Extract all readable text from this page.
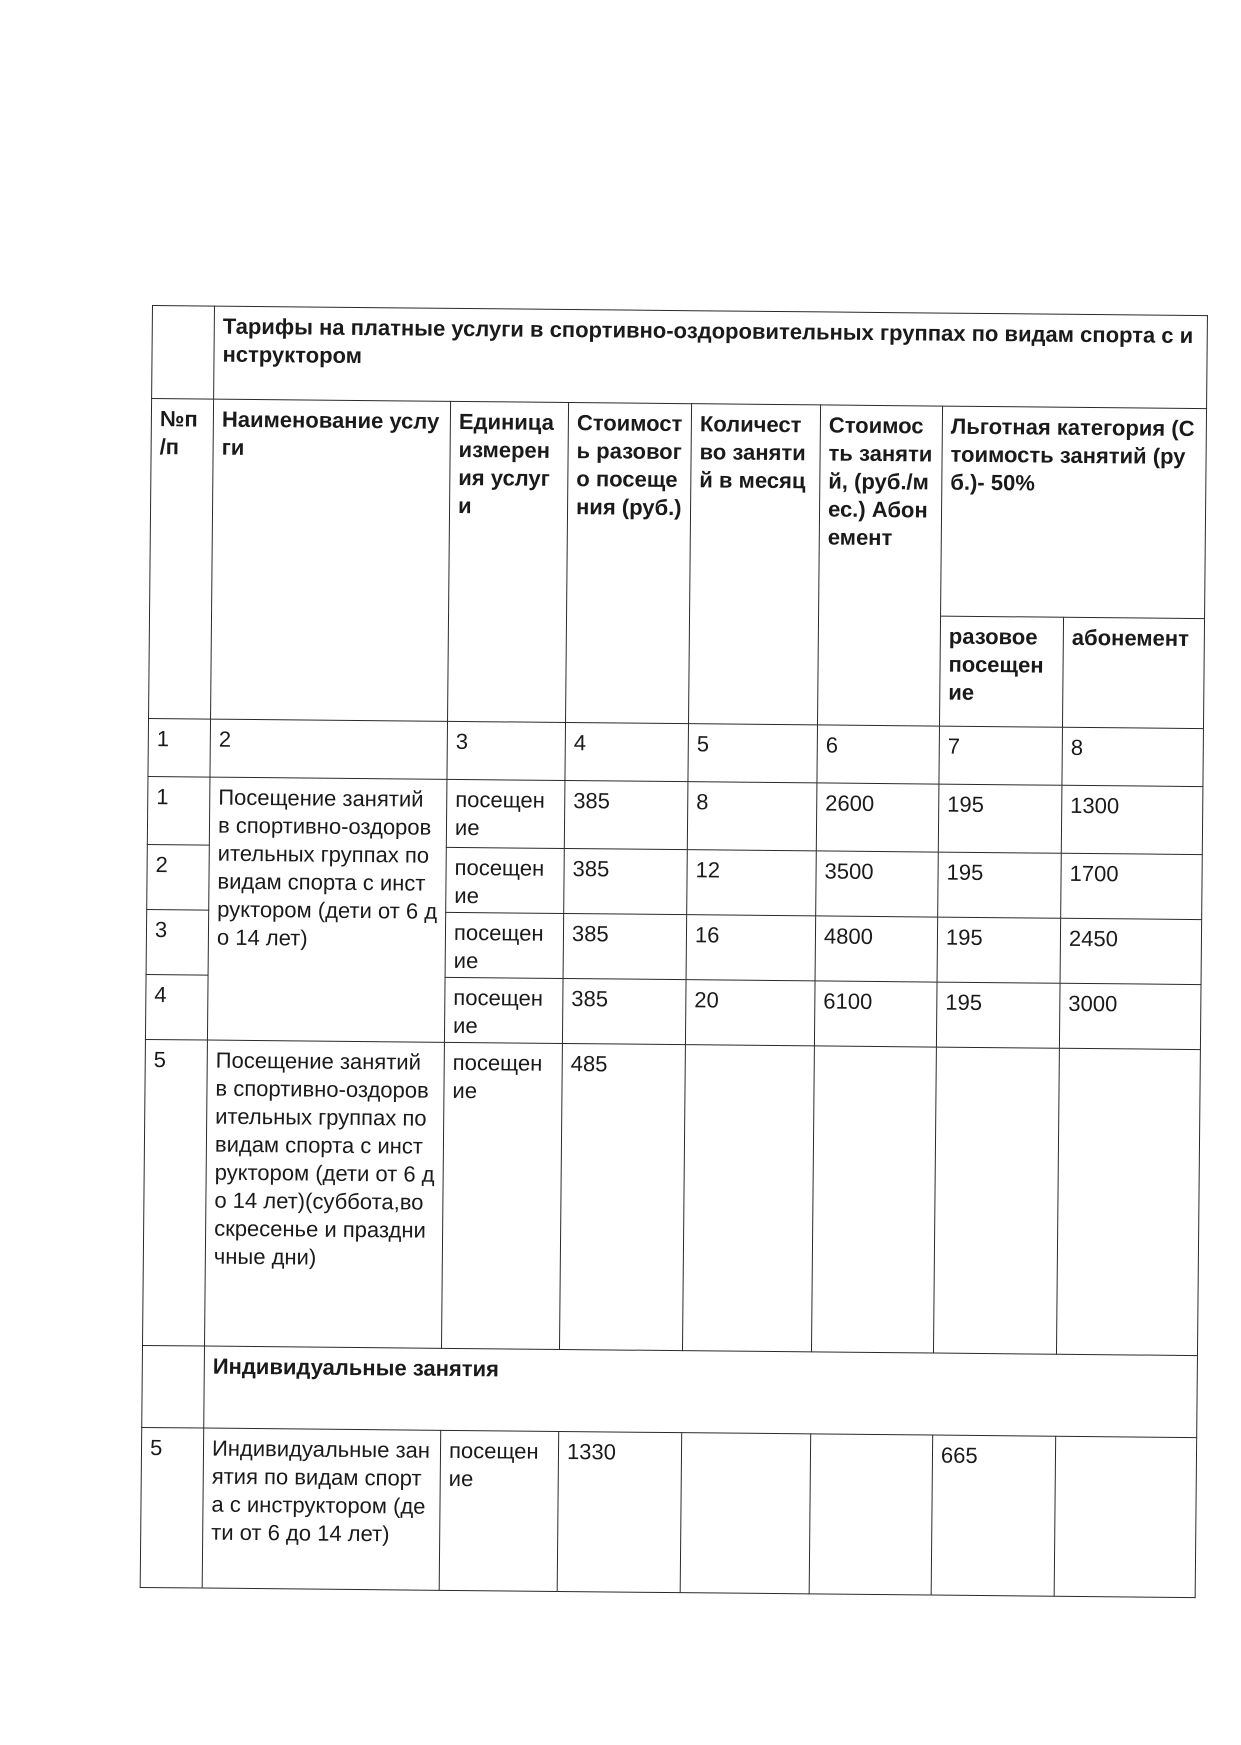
	Тарифы на платные услуги в спортивно-оздоровительных группах по видам спорта с инструктором						
№п /п	Наименование услуги	Единица измерения услуги	Стоимость разового посещения (руб.)	Количество занятий в месяц	Стоимость занятий, (руб./мес.) Абонемент	Льготная категория (Стоимость занятий (руб.)- 50%	
						разовое посещение	абонемент
1	2	3	4	5	6	7	8
1	Посещение занятий в спортивно-оздоровительных группах по видам спорта с инструктором (дети от 6 до 14 лет)	посещение	385	8	2600	195	1300
2		посещение	385	12	3500	195	1700
3		посещение	385	16	4800	195	2450
4		посещение	385	20	6100	195	3000
5	Посещение занятий в спортивно-оздоровительных группах по видам спорта с инструктором (дети от 6 до 14 лет)(суббота,воскресенье и праздничные дни)	посещение	485				
	Индивидуальные занятия						
5	Индивидуальные занятия по видам спорта с инструктором (дети от 6 до 14 лет)	посещение	1330			665	
